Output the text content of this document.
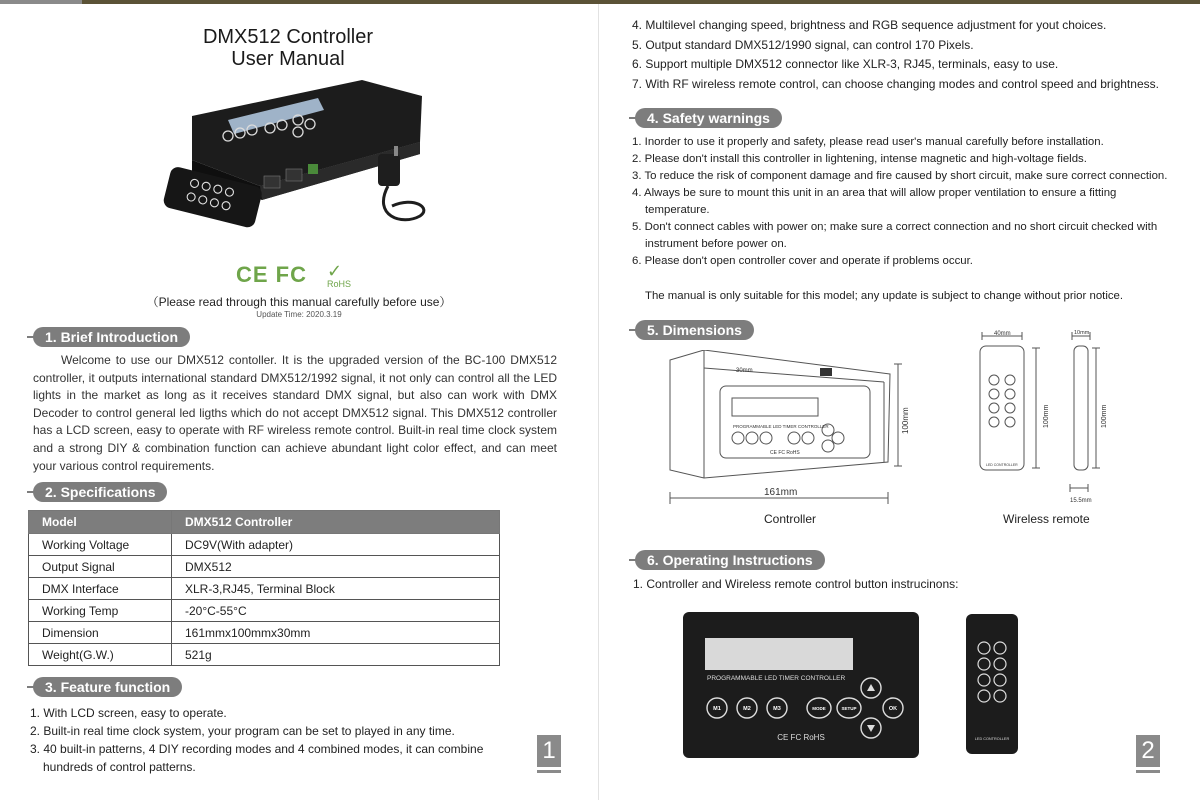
DMX512 Controller
User Manual
CE FC ✓
RoHS
（Please read through this manual carefully before use）
Update Time: 2020.3.19
1. Brief Introduction

Welcome to use our DMX512 contoller. It is the upgraded version of the BC-100 DMX512 controller, it outputs international standard DMX512/1992 signal, it not only can control all the LED lights in the market as long as it receives standard DMX signal, but also can work with DMX Decoder to control general led ligths which do not accept DMX512 signal. This DMX512 controller has a LCD screen, easy to operate with RF wireless remote control. Built-in real time clock system and a strong DIY & combination function can achieve abundant light color effect, and can meet your various control requirements.

2. Specifications
Model	DMX512 Controller
Working Voltage	DC9V(With adapter)
Output Signal	DMX512
DMX Interface	XLR-3,RJ45, Terminal Block
Working Temp	-20°C-55°C
Dimension	161mmx100mmx30mm
Weight(G.W.)	521g
3. Feature function
1. With LCD screen, easy to operate.
2. Built-in real time clock system, your program can be set to played in any time.
3. 40 built-in patterns, 4 DIY recording modes and 4 combined modes, it can combine hundreds of control patterns.
1
4. Multilevel changing speed, brightness and RGB sequence adjustment for yout choices.
5. Output standard DMX512/1990 signal, can control 170 Pixels.
6. Support multiple DMX512 connector like XLR-3, RJ45, terminals, easy to use.
7. With RF wireless remote control, can choose changing modes and control speed and brightness.
4. Safety warnings
1. Inorder to use it properly and safety, please read user's manual carefully before installation.
2. Please don't install this controller in lightening, intense magnetic and high-voltage fields.
3. To reduce the risk of component damage and fire caused by short circuit, make sure correct connection.
4. Always be sure to mount this unit in an area that will allow proper ventilation to ensure a fitting temperature.
5. Don't connect cables with power on; make sure a correct connection and no short circuit checked with instrument before power on.
6. Please don't open controller cover and operate if problems occur.
The manual is only suitable for this model; any update is subject to change without prior notice.
5. Dimensions
30mm
PROGRAMMABLE LED TIMER CONTROLLER
CE FC RoHS
100mm
161mm
Controller
40mm	10mm
100mm	100mm
15.5mm
LED CONTROLLER
Wireless remote
6. Operating Instructions
1. Controller and Wireless remote control button instrucinons:
PROGRAMMABLE LED TIMER CONTROLLER
M1	M2	M3	MODE	SETUP	OK
CE FC RoHS	LED CONTROLLER	2
